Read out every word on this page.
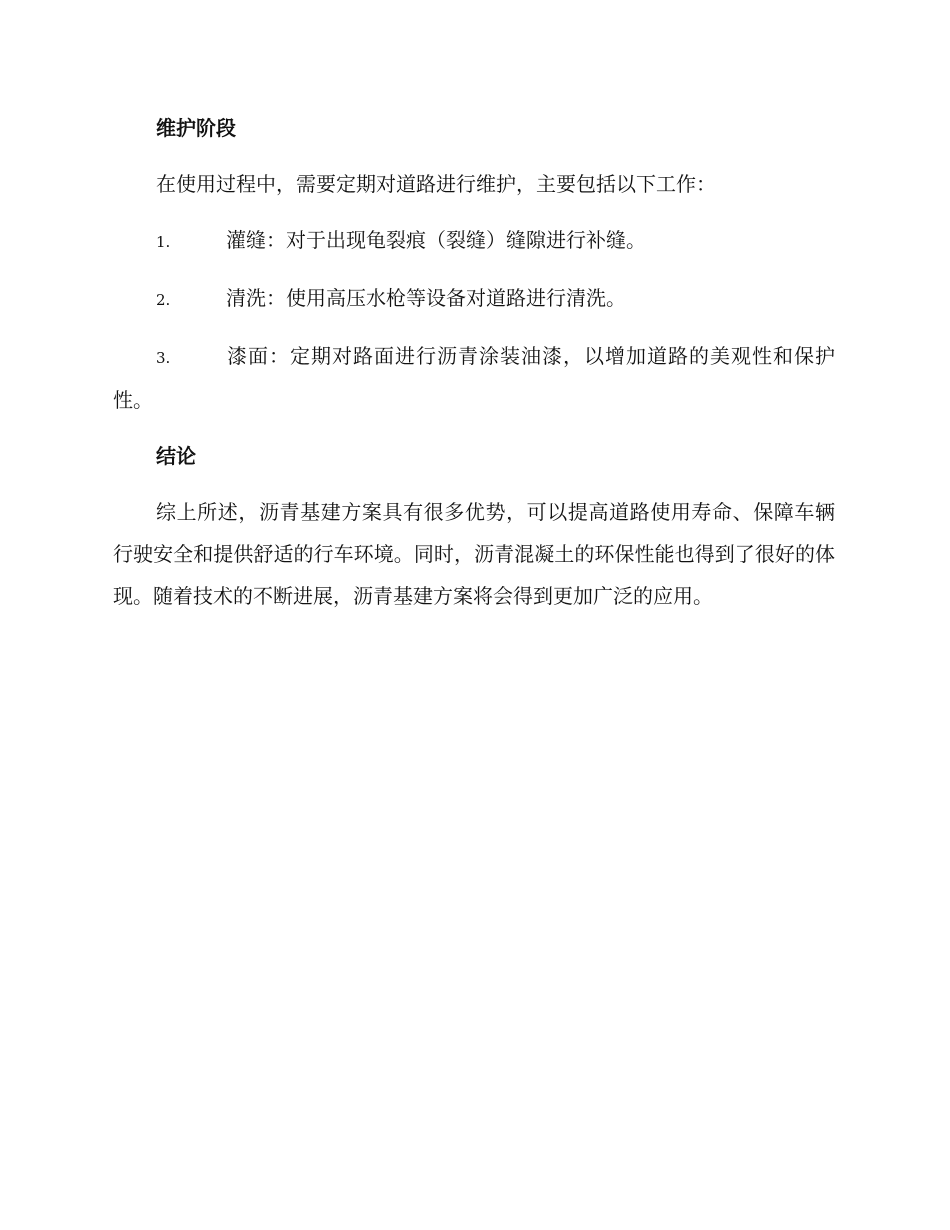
维护阶段

在使用过程中，需要定期对道路进行维护，主要包括以下工作：

1.	灌缝：对于出现龟裂痕（裂缝）缝隙进行补缝。

2.	清洗：使用高压水枪等设备对道路进行清洗。

3.	漆面：定期对路面进行沥青涂装油漆，以增加道路的美观性和保护性。

结论

综上所述，沥青基建方案具有很多优势，可以提高道路使用寿命、保障车辆行驶安全和提供舒适的行车环境。同时，沥青混凝土的环保性能也得到了很好的体现。随着技术的不断进展，沥青基建方案将会得到更加广泛的应用。
